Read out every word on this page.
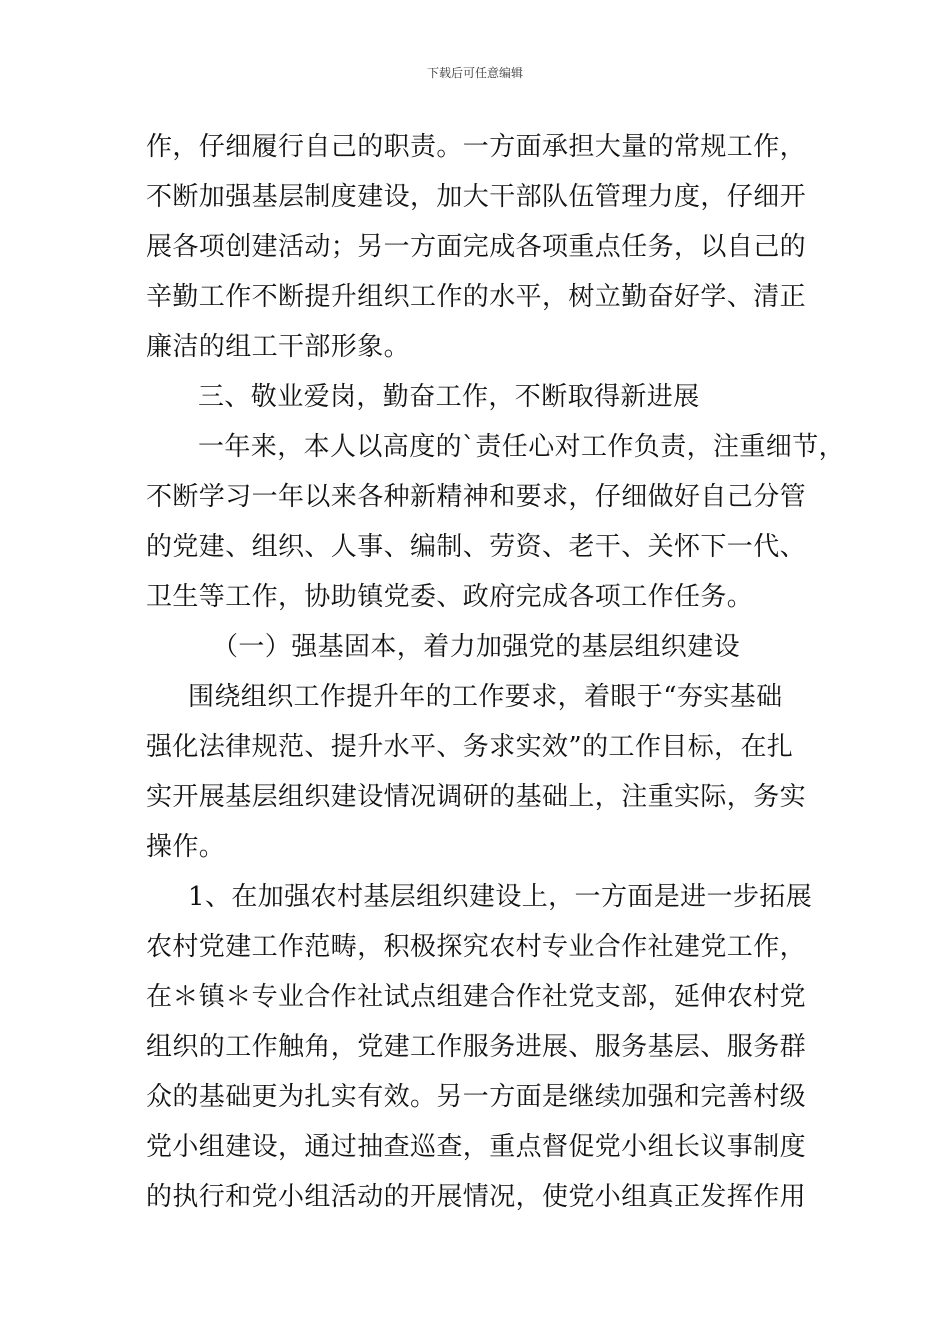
下载后可任意编辑
作，仔细履行自己的职责。一方面承担大量的常规工作，
不断加强基层制度建设，加大干部队伍管理力度，仔细开
展各项创建活动；另一方面完成各项重点任务，以自己的
辛勤工作不断提升组织工作的水平，树立勤奋好学、清正
廉洁的组工干部形象。
三、敬业爱岗，勤奋工作，不断取得新进展
一年来，本人以高度的`责任心对工作负责，注重细节，
不断学习一年以来各种新精神和要求，仔细做好自己分管
的党建、组织、人事、编制、劳资、老干、关怀下一代、
卫生等工作，协助镇党委、政府完成各项工作任务。
（一）强基固本，着力加强党的基层组织建设
围绕组织工作提升年的工作要求，着眼于“夯实基础
强化法律规范、提升水平、务求实效”的工作目标，在扎
实开展基层组织建设情况调研的基础上，注重实际，务实
操作。
1、在加强农村基层组织建设上，一方面是进一步拓展
农村党建工作范畴，积极探究农村专业合作社建党工作，
在＊镇＊专业合作社试点组建合作社党支部，延伸农村党
组织的工作触角，党建工作服务进展、服务基层、服务群
众的基础更为扎实有效。另一方面是继续加强和完善村级
党小组建设，通过抽查巡查，重点督促党小组长议事制度
的执行和党小组活动的开展情况，使党小组真正发挥作用
